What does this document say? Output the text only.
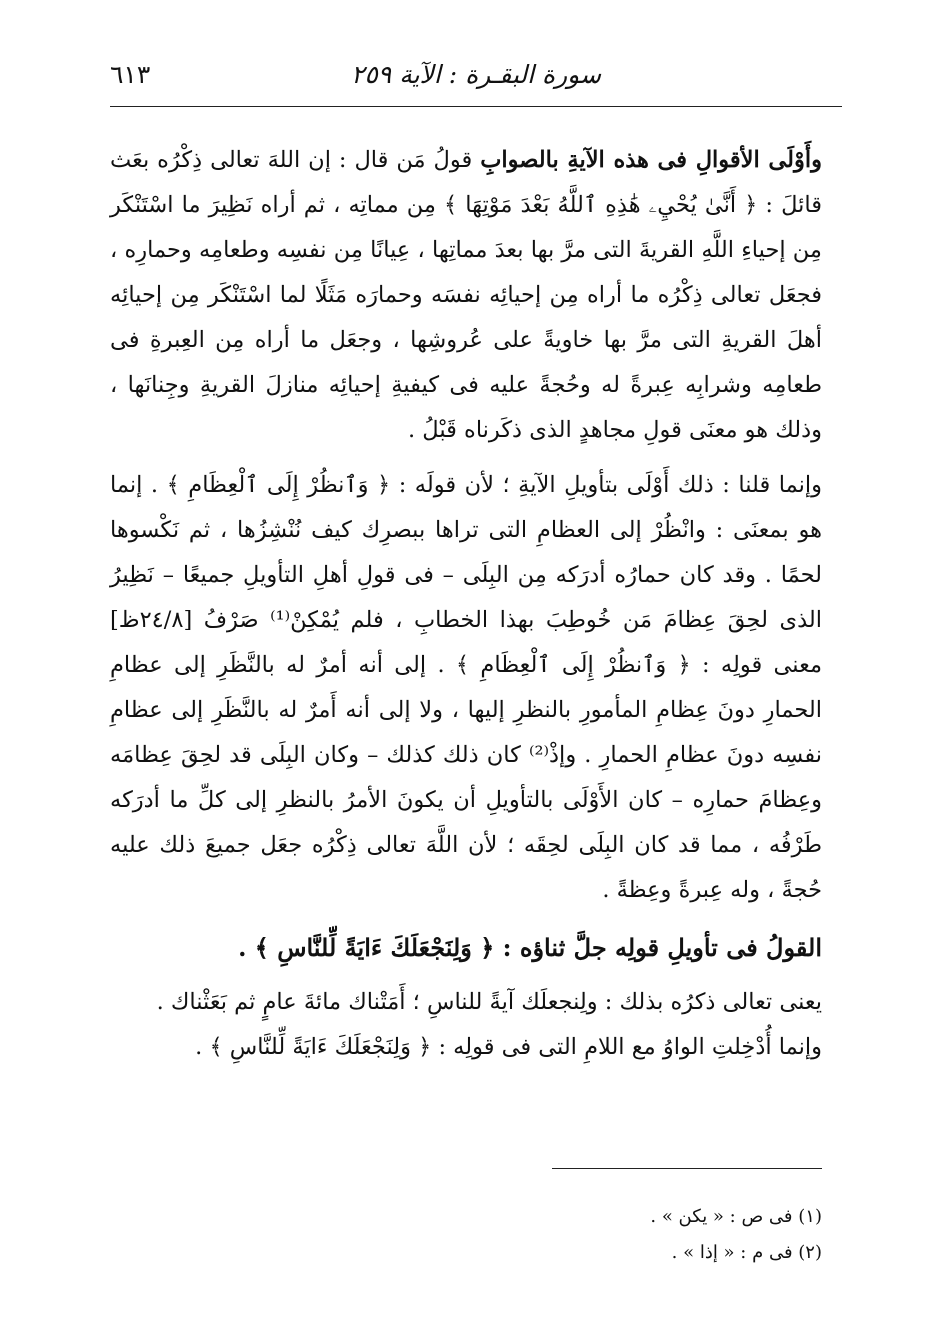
سورة البقـرة : الآية ٢٥٩
٦١٣

وأَوْلَى الأقوالِ فى هذه الآيةِ بالصوابِ قولُ مَن قال : إن اللهَ تعالى ذِكْرُه بعَث قائلَ : ﴿ أَنَّىٰ يُحْيِۦ هَٰذِهِ ٱللَّهُ بَعْدَ مَوْتِهَا ﴾ مِن مماتِه ، ثم أراه نَظِيرَ ما اسْتَنْكَر مِن إحياءِ اللَّهِ القريةَ التى مرَّ بها بعدَ مماتِها ، عِيانًا مِن نفسِه وطعامِه وحمارِه ، فجعَل تعالى ذِكْرُه ما أراه مِن إحيائِه نفسَه وحمارَه مَثَلًا لما اسْتَنْكَر مِن إحيائِه أهلَ القريةِ التى مرَّ بها خاويةً على عُروشِها ، وجعَل ما أراه مِن العِبرةِ فى طعامِه وشرابِه عِبرةً له وحُجةً عليه فى كيفيةِ إحيائِه منازلَ القريةِ وجِنانَها ، وذلك هو معنَى قولِ مجاهدٍ الذى ذكَرناه قَبْلُ .

وإنما قلنا : ذلك أَوْلَى بتأويلِ الآيةِ ؛ لأن قولَه : ﴿ وَٱنظُرْ إِلَى ٱلْعِظَامِ ﴾ . إنما هو بمعنَى : وانْظُرْ إلى العظامِ التى تراها ببصرِك كيف نُنْشِزُها ، ثم نَكْسوها لحمًا . وقد كان حمارُه أدرَكه مِن البِلَى – فى قولِ أهلِ التأويلِ جميعًا – نَظِيرُ الذى لحِقَ عِظامَ مَن خُوطِبَ بهذا الخطابِ ، فلم يُمْكِنْ⁽¹⁾ صَرْفُ [٢٤/٨ظ] معنى قولِه : ﴿ وَٱنظُرْ إِلَى ٱلْعِظَامِ ﴾ . إلى أنه أمرٌ له بالنَّظَرِ إلى عظامِ الحمارِ دونَ عِظامِ المأمورِ بالنظرِ إليها ، ولا إلى أنه أَمرٌ له بالنَّظَرِ إلى عظامِ نفسِه دونَ عظامِ الحمارِ . وإذْ⁽²⁾ كان ذلك كذلك – وكان البِلَى قد لحِقَ عِظامَه وعِظامَ حمارِه – كان الأَوْلَى بالتأويلِ أن يكونَ الأمرُ بالنظرِ إلى كلِّ ما أدرَكه طَرْفُه ، مما قد كان البِلَى لحِقَه ؛ لأن اللَّهَ تعالى ذِكْرُه جعَل جميعَ ذلك عليه حُجةً ، وله عِبرةً وعِظةً .

القولُ فى تأويلِ قولِه جلَّ ثناؤه : ﴿ وَلِنَجْعَلَكَ ءَايَةً لِّلنَّاسِ ﴾ .

يعنى تعالى ذكرُه بذلك : ولِنجعلَك آيةً للناسِ ؛ أَمَتْناك مائةَ عامٍ ثم بَعَثْناك .

وإنما أُدْخِلتِ الواوُ مع اللامِ التى فى قولِه : ﴿ وَلِنَجْعَلَكَ ءَايَةً لِّلنَّاسِ ﴾ .

(١) فى ص : « يكن » .

(٢) فى م : « إذا » .
